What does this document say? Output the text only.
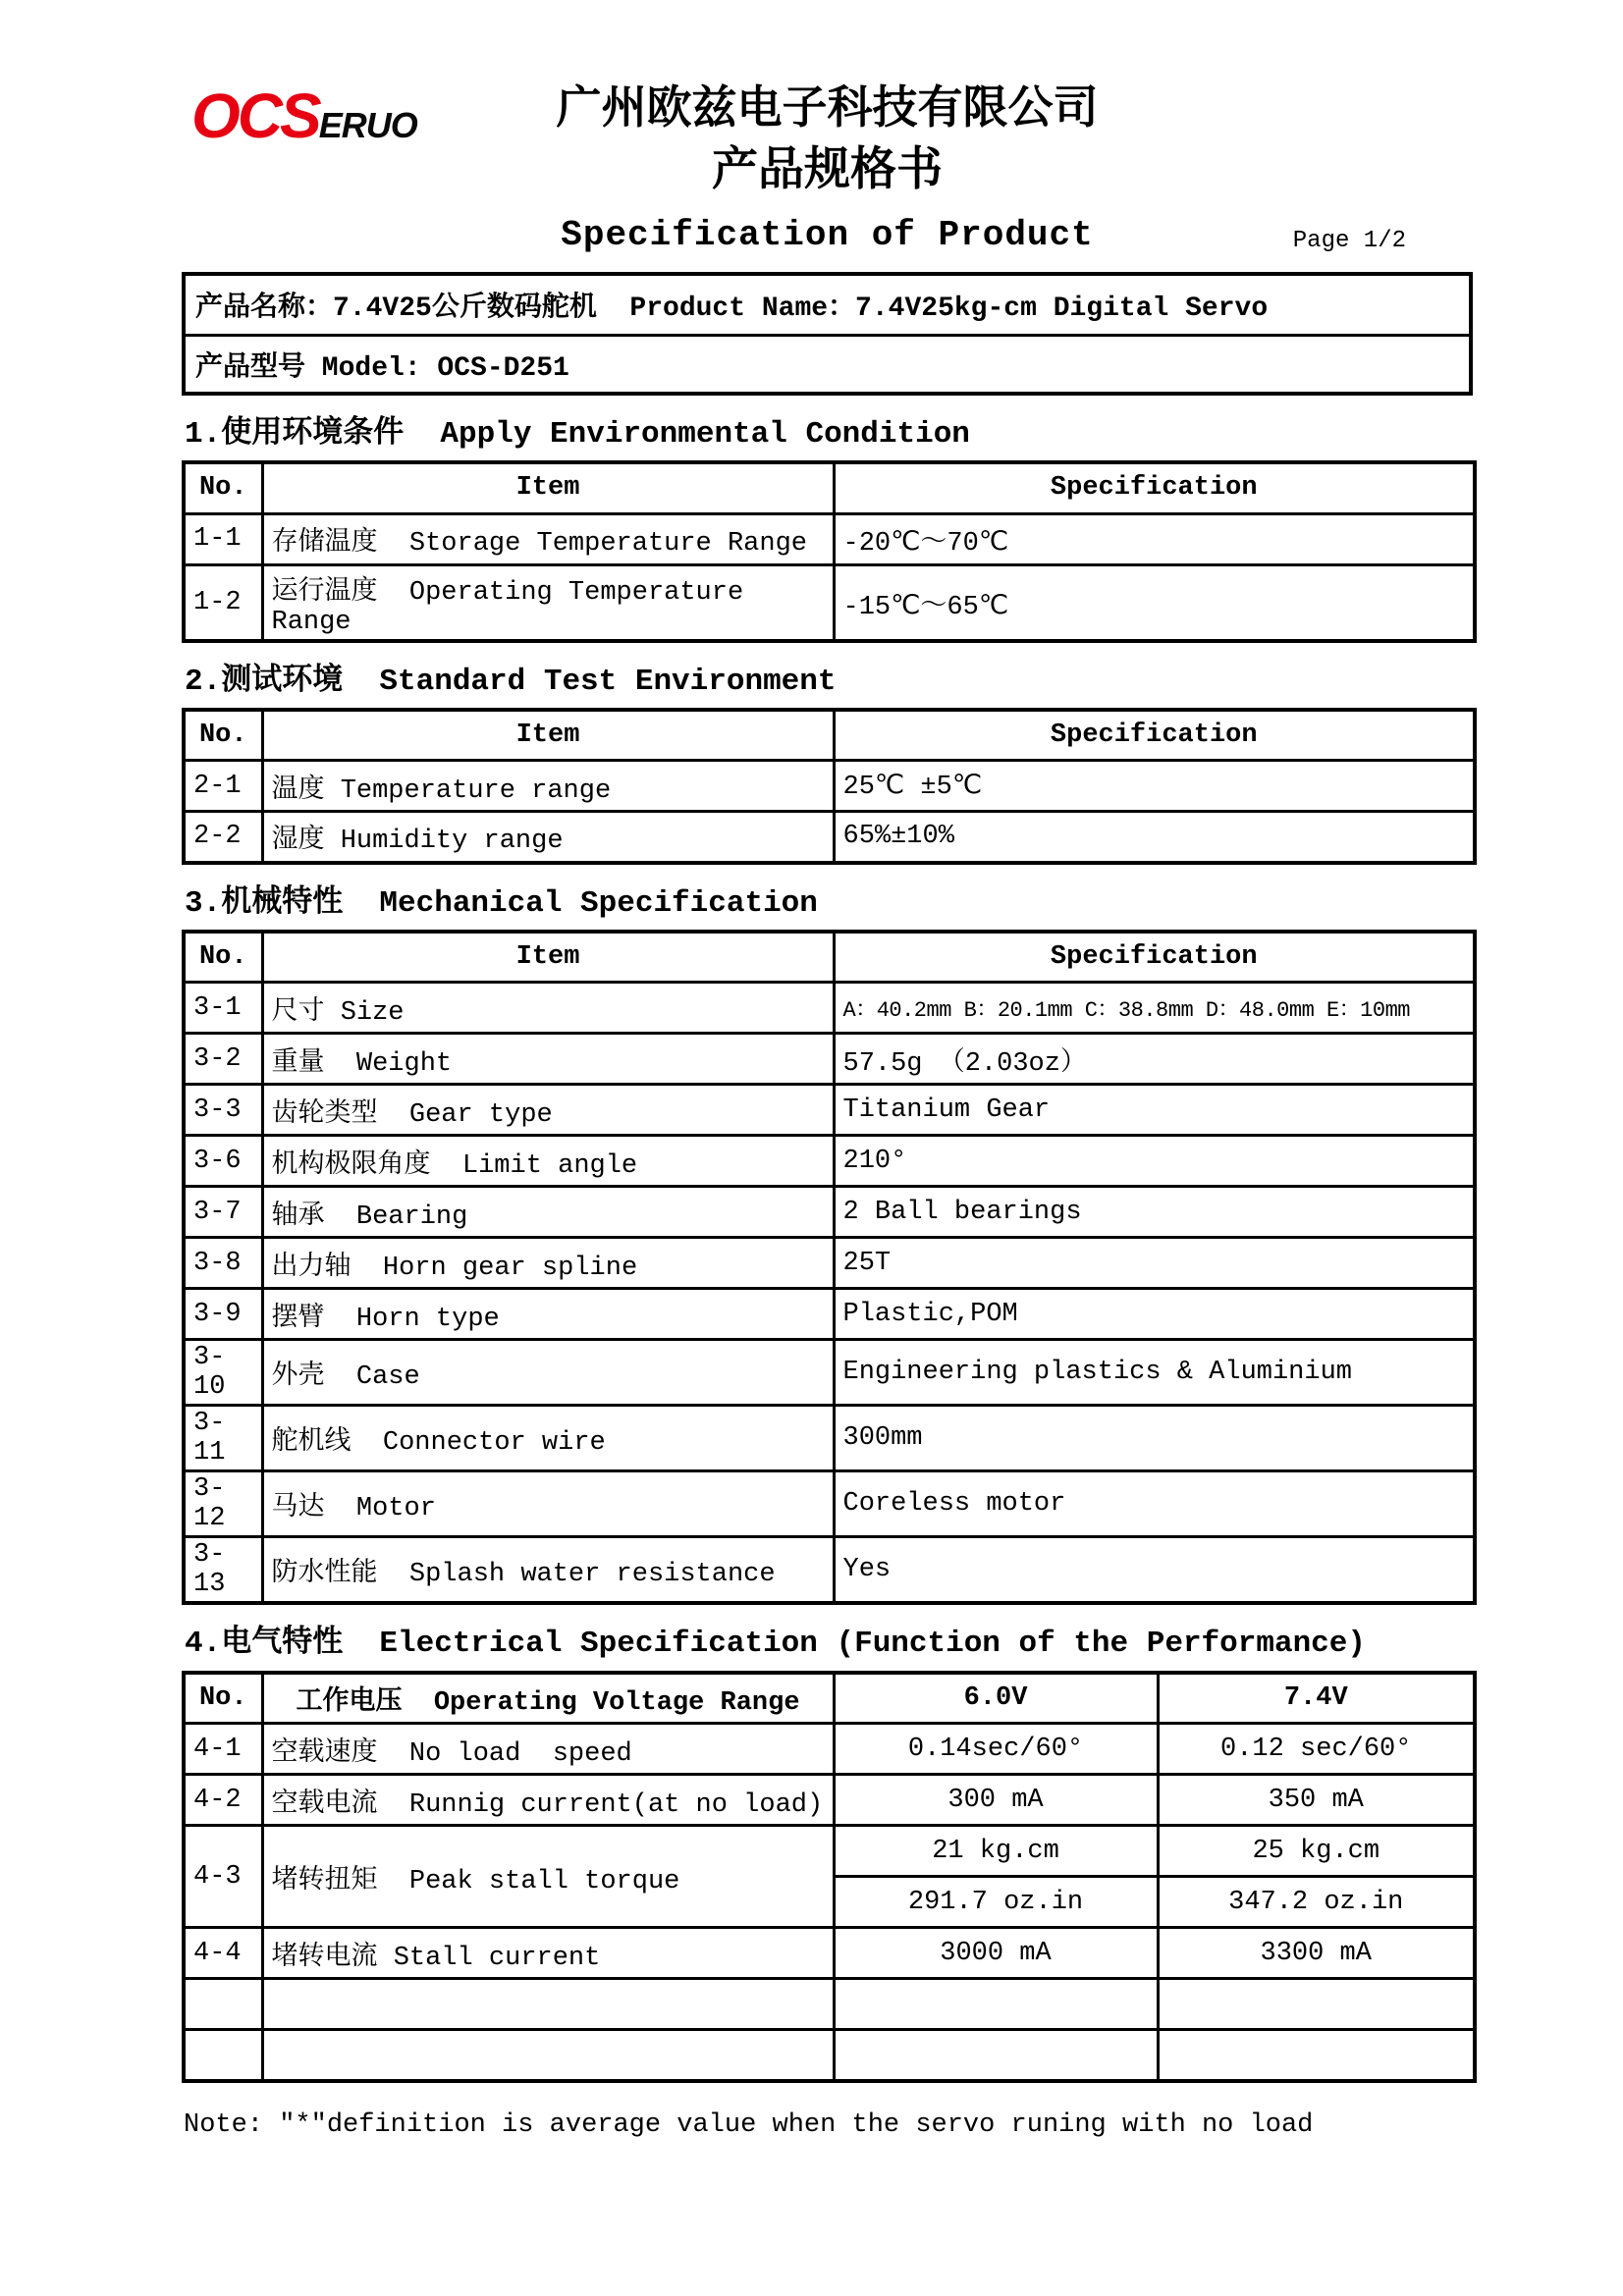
OCSERUO	广州欧兹电子科技有限公司
产品规格书
Specification of Product	Page 1/2
产品名称：7.4V25公斤数码舵机  Product Name：7.4V25kg-cm Digital Servo
产品型号 Model: OCS-D251
1.使用环境条件  Apply Environmental Condition
No.	Item	Specification
1-1	存储温度  Storage Temperature Range	-20℃～70℃
1-2	运行温度  Operating Temperature Range	-15℃～65℃
2.测试环境  Standard Test Environment
No.	Item	Specification
2-1	温度 Temperature range	25℃ ±5℃
2-2	湿度 Humidity range	65%±10%
3.机械特性  Mechanical Specification
No.	Item	Specification
3-1	尺寸 Size	A：40.2mm B：20.1mm C：38.8mm D：48.0mm E：10mm
3-2	重量  Weight	57.5g （2.03oz）
3-3	齿轮类型  Gear type	Titanium Gear
3-6	机构极限角度  Limit angle	210°
3-7	轴承  Bearing	2 Ball bearings
3-8	出力轴  Horn gear spline	25T
3-9	摆臂  Horn type	Plastic,POM
3-10	外壳  Case	Engineering plastics & Aluminium
3-11	舵机线  Connector wire	300mm
3-12	马达  Motor	Coreless motor
3-13	防水性能  Splash water resistance	Yes
4.电气特性  Electrical Specification (Function of the Performance)
No.	工作电压  Operating Voltage Range	6.0V	7.4V
4-1	空载速度  No load  speed	0.14sec/60°	0.12 sec/60°
4-2	空载电流  Runnig current(at no load)	300 mA	350 mA
4-3	堵转扭矩  Peak stall torque	21 kg.cm	25 kg.cm
		291.7 oz.in	347.2 oz.in
4-4	堵转电流 Stall current	3000 mA	3300 mA

Note: ″*″definition is average value when the servo runing with no load
